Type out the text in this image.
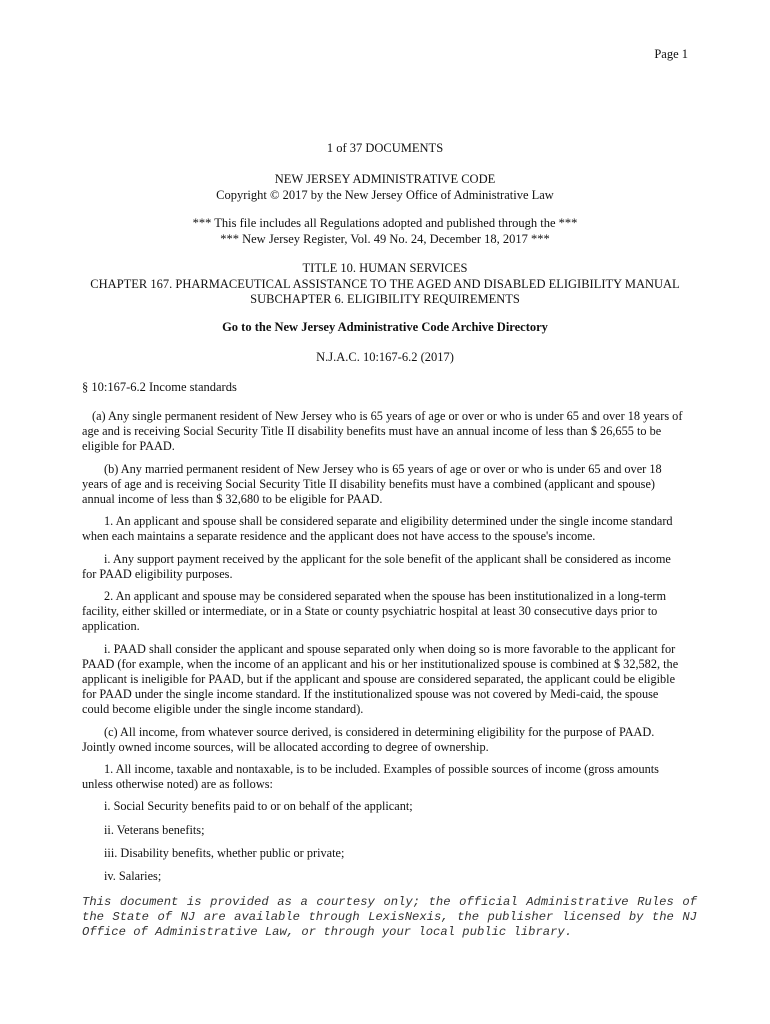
Page 1
1 of 37 DOCUMENTS
NEW JERSEY ADMINISTRATIVE CODE
Copyright © 2017 by the New Jersey Office of Administrative Law
*** This file includes all Regulations adopted and published through the ***
*** New Jersey Register, Vol. 49 No. 24, December 18, 2017 ***
TITLE 10. HUMAN SERVICES
CHAPTER 167. PHARMACEUTICAL ASSISTANCE TO THE AGED AND DISABLED ELIGIBILITY MANUAL
SUBCHAPTER 6. ELIGIBILITY REQUIREMENTS
Go to the New Jersey Administrative Code Archive Directory
N.J.A.C. 10:167-6.2 (2017)
§ 10:167-6.2 Income standards

(a) Any single permanent resident of New Jersey who is 65 years of age or over or who is under 65 and over 18 years of age and is receiving Social Security Title II disability benefits must have an annual income of less than $ 26,655 to be eligible for PAAD.

(b) Any married permanent resident of New Jersey who is 65 years of age or over or who is under 65 and over 18 years of age and is receiving Social Security Title II disability benefits must have a combined (applicant and spouse) annual income of less than $ 32,680 to be eligible for PAAD.

1. An applicant and spouse shall be considered separate and eligibility determined under the single income standard when each maintains a separate residence and the applicant does not have access to the spouse's income.

i. Any support payment received by the applicant for the sole benefit of the applicant shall be considered as income for PAAD eligibility purposes.

2. An applicant and spouse may be considered separated when the spouse has been institutionalized in a long-term facility, either skilled or intermediate, or in a State or county psychiatric hospital at least 30 consecutive days prior to application.

i. PAAD shall consider the applicant and spouse separated only when doing so is more favorable to the applicant for PAAD (for example, when the income of an applicant and his or her institutionalized spouse is combined at $ 32,582, the applicant is ineligible for PAAD, but if the applicant and spouse are considered separated, the applicant could be eligible for PAAD under the single income standard. If the institutionalized spouse was not covered by Medi-caid, the spouse could become eligible under the single income standard).

(c) All income, from whatever source derived, is considered in determining eligibility for the purpose of PAAD. Jointly owned income sources, will be allocated according to degree of ownership.

1. All income, taxable and nontaxable, is to be included. Examples of possible sources of income (gross amounts unless otherwise noted) are as follows:

i. Social Security benefits paid to or on behalf of the applicant;

ii. Veterans benefits;

iii. Disability benefits, whether public or private;

iv. Salaries;

This document is provided as a courtesy only; the official Administrative Rules of the State of NJ are available through LexisNexis, the publisher licensed by the NJ Office of Administrative Law, or through your local public library.
